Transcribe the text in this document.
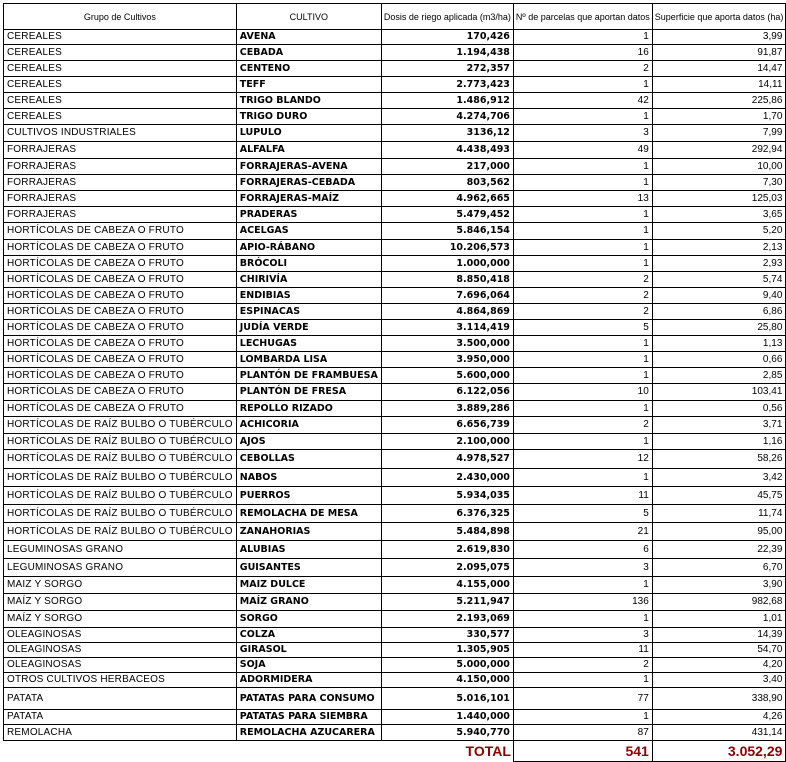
Grupo de Cultivos	CULTIVO	Dosis de riego aplicada (m3/ha)	Nº de parcelas que aportan datos	Superficie que aporta datos (ha)
CEREALES	AVENA	170,426	1	3,99
CEREALES	CEBADA	1.194,438	16	91,87
CEREALES	CENTENO	272,357	2	14,47
CEREALES	TEFF	2.773,423	1	14,11
CEREALES	TRIGO BLANDO	1.486,912	42	225,86
CEREALES	TRIGO DURO	4.274,706	1	1,70
CULTIVOS INDUSTRIALES	LUPULO	3136,12	3	7,99
FORRAJERAS	ALFALFA	4.438,493	49	292,94
FORRAJERAS	FORRAJERAS-AVENA	217,000	1	10,00
FORRAJERAS	FORRAJERAS-CEBADA	803,562	1	7,30
FORRAJERAS	FORRAJERAS-MAÍZ	4.962,665	13	125,03
FORRAJERAS	PRADERAS	5.479,452	1	3,65
HORTÍCOLAS DE CABEZA O FRUTO	ACELGAS	5.846,154	1	5,20
HORTÍCOLAS DE CABEZA O FRUTO	APIO-RÁBANO	10.206,573	1	2,13
HORTÍCOLAS DE CABEZA O FRUTO	BRÓCOLI	1.000,000	1	2,93
HORTÍCOLAS DE CABEZA O FRUTO	CHIRIVÍA	8.850,418	2	5,74
HORTÍCOLAS DE CABEZA O FRUTO	ENDIBIAS	7.696,064	2	9,40
HORTÍCOLAS DE CABEZA O FRUTO	ESPINACAS	4.864,869	2	6,86
HORTÍCOLAS DE CABEZA O FRUTO	JUDÍA VERDE	3.114,419	5	25,80
HORTÍCOLAS DE CABEZA O FRUTO	LECHUGAS	3.500,000	1	1,13
HORTÍCOLAS DE CABEZA O FRUTO	LOMBARDA LISA	3.950,000	1	0,66
HORTÍCOLAS DE CABEZA O FRUTO	PLANTÓN DE FRAMBUESA	5.600,000	1	2,85
HORTÍCOLAS DE CABEZA O FRUTO	PLANTÓN DE FRESA	6.122,056	10	103,41
HORTÍCOLAS DE CABEZA O FRUTO	REPOLLO RIZADO	3.889,286	1	0,56
HORTÍCOLAS DE RAÍZ BULBO O TUBÉRCULO	ACHICORIA	6.656,739	2	3,71
HORTÍCOLAS DE RAÍZ BULBO O TUBÉRCULO	AJOS	2.100,000	1	1,16
HORTÍCOLAS DE RAÍZ BULBO O TUBÉRCULO	CEBOLLAS	4.978,527	12	58,26
HORTÍCOLAS DE RAÍZ BULBO O TUBÉRCULO	NABOS	2.430,000	1	3,42
HORTÍCOLAS DE RAÍZ BULBO O TUBÉRCULO	PUERROS	5.934,035	11	45,75
HORTÍCOLAS DE RAÍZ BULBO O TUBÉRCULO	REMOLACHA DE MESA	6.376,325	5	11,74
HORTÍCOLAS DE RAÍZ BULBO O TUBÉRCULO	ZANAHORIAS	5.484,898	21	95,00
LEGUMINOSAS GRANO	ALUBIAS	2.619,830	6	22,39
LEGUMINOSAS GRANO	GUISANTES	2.095,075	3	6,70
MAIZ Y SORGO	MAIZ DULCE	4.155,000	1	3,90
MAÍZ Y SORGO	MAÍZ GRANO	5.211,947	136	982,68
MAÍZ Y SORGO	SORGO	2.193,069	1	1,01
OLEAGINOSAS	COLZA	330,577	3	14,39
OLEAGINOSAS	GIRASOL	1.305,905	11	54,70
OLEAGINOSAS	SOJA	5.000,000	2	4,20
OTROS CULTIVOS HERBACEOS	ADORMIDERA	4.150,000	1	3,40
PATATA	PATATAS PARA CONSUMO	5.016,101	77	338,90
PATATA	PATATAS PARA SIEMBRA	1.440,000	1	4,26
REMOLACHA	REMOLACHA AZUCARERA	5.940,770	87	431,14
	TOTAL		541	3.052,29
